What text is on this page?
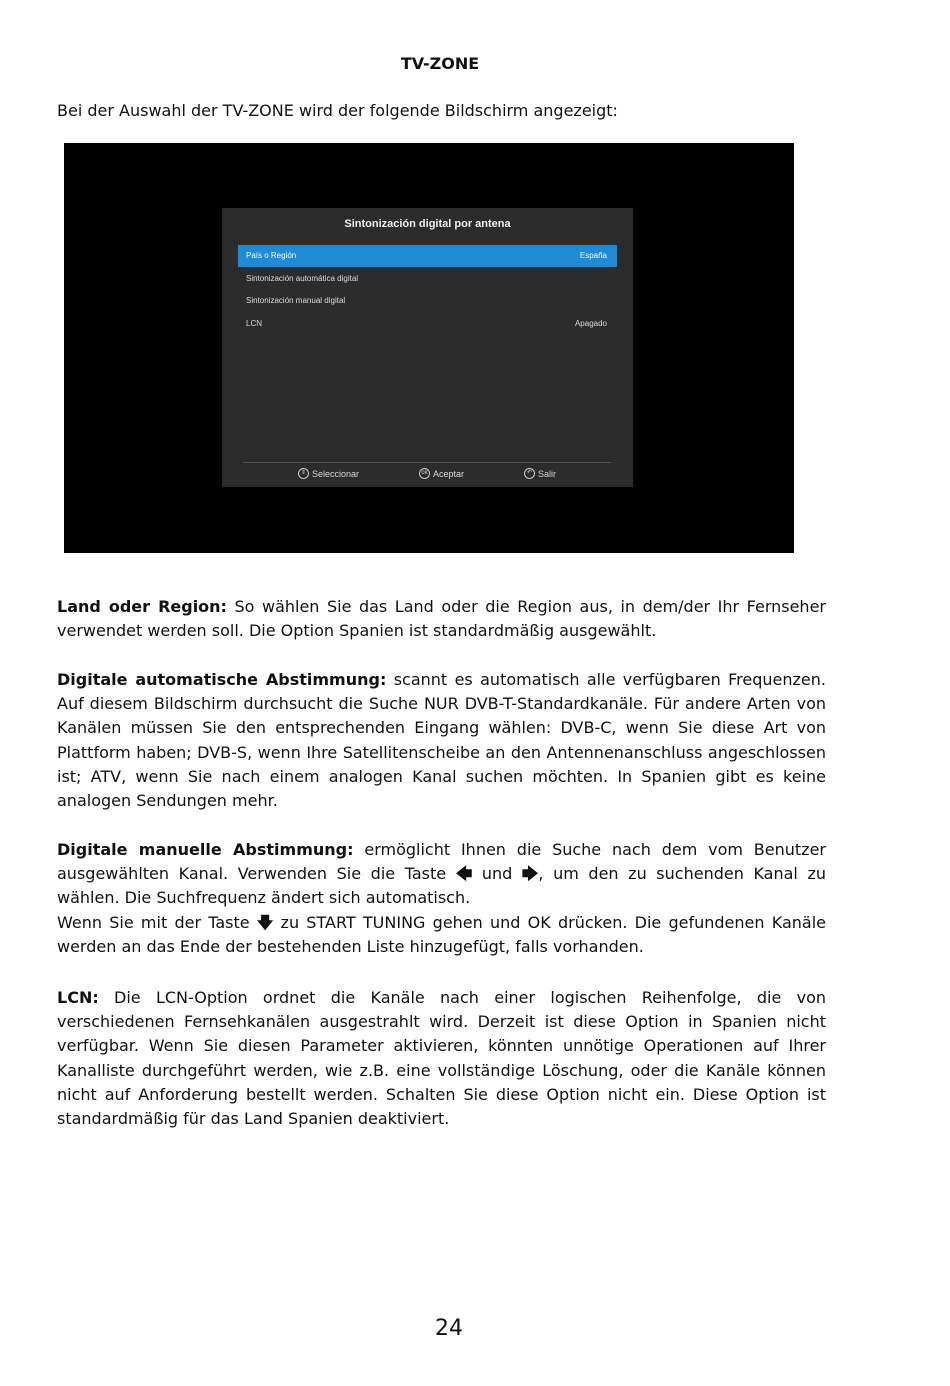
TV-ZONE
Bei der Auswahl der TV-ZONE wird der folgende Bildschirm angezeigt:
Sintonización digital por antena
País o Región	España
Sintonización automática digital
Sintonización manual digital
LCN	Apagado
⇕ Seleccionar	ok Aceptar	↶ Salir

Land oder Region: So wählen Sie das Land oder die Region aus, in dem/der Ihr Fernseher verwendet werden soll. Die Option Spanien ist standardmäßig ausgewählt.

Digitale automatische Abstimmung: scannt es automatisch alle verfügbaren Frequenzen. Auf diesem Bildschirm durchsucht die Suche NUR DVB-T-Standardkanäle. Für andere Arten von Kanälen müssen Sie den entsprechenden Eingang wählen: DVB-C, wenn Sie diese Art von Plattform haben; DVB-S, wenn Ihre Satellitenscheibe an den Antennenanschluss angeschlossen ist; ATV, wenn Sie nach einem analogen Kanal suchen möchten. In Spanien gibt es keine analogen Sendungen mehr.

Digitale manuelle Abstimmung: ermöglicht Ihnen die Suche nach dem vom Benutzer ausgewählten Kanal. Verwenden Sie die Taste 🡄 und 🡆, um den zu suchenden Kanal zu wählen. Die Suchfrequenz ändert sich automatisch.
Wenn Sie mit der Taste 🡇 zu START TUNING gehen und OK drücken. Die gefundenen Kanäle werden an das Ende der bestehenden Liste hinzugefügt, falls vorhanden.

LCN: Die LCN-Option ordnet die Kanäle nach einer logischen Reihenfolge, die von verschiedenen Fernsehkanälen ausgestrahlt wird. Derzeit ist diese Option in Spanien nicht verfügbar. Wenn Sie diesen Parameter aktivieren, könnten unnötige Operationen auf Ihrer Kanalliste durchgeführt werden, wie z.B. eine vollständige Löschung, oder die Kanäle können nicht auf Anforderung bestellt werden. Schalten Sie diese Option nicht ein. Diese Option ist standardmäßig für das Land Spanien deaktiviert.

24
